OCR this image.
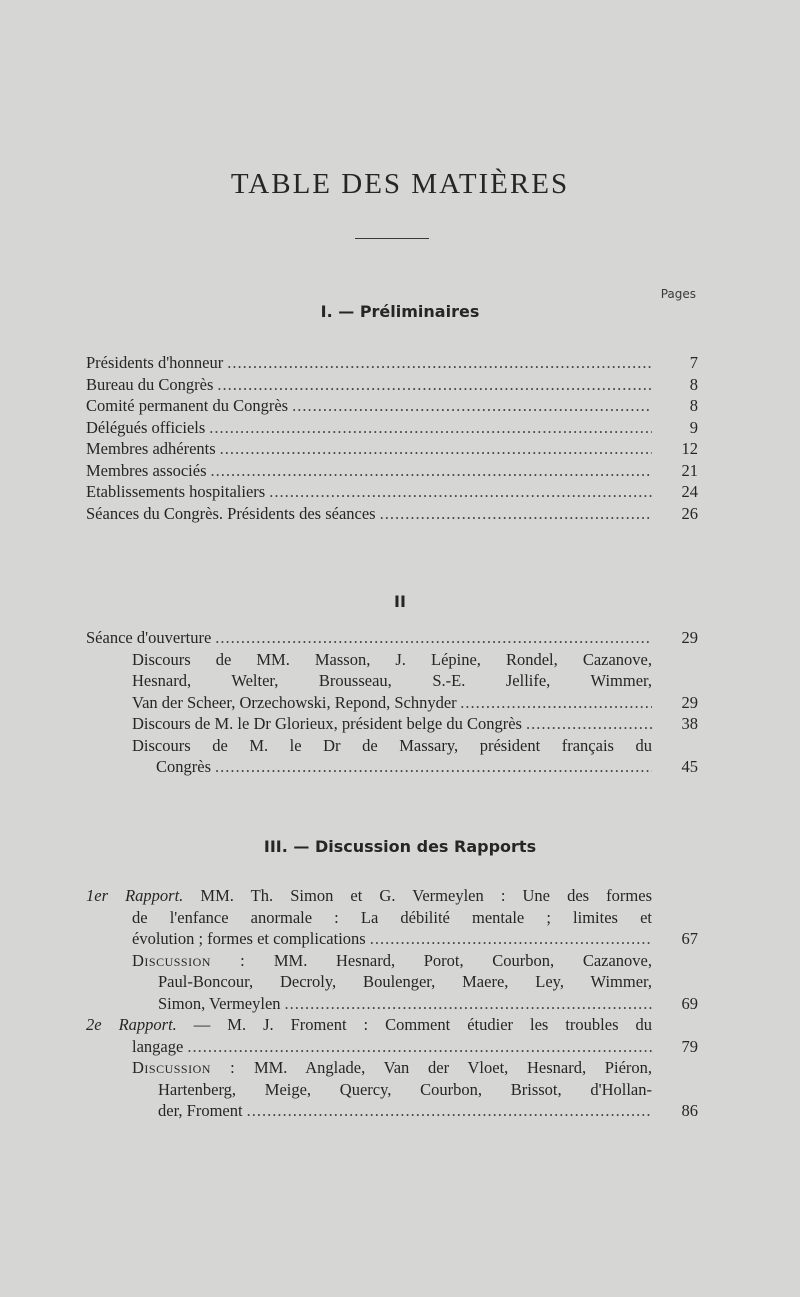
TABLE DES MATIÈRES
Pages
I. — Préliminaires
Présidents d'honneur .....	7
Bureau du Congrès .....	8
Comité permanent du Congrès .....	8
Délégués officiels .....	9
Membres adhérents .....	12
Membres associés .....	21
Etablissements hospitaliers .....	24
Séances du Congrès. Présidents des séances .....	26
II
Séance d'ouverture .....	29
Discours de MM. Masson, J. Lépine, Rondel, Cazanove,
Hesnard, Welter, Brousseau, S.-E. Jellife, Wimmer,
Van der Scheer, Orzechowski, Repond, Schnyder .....	29
Discours de M. le Dr Glorieux, président belge du Congrès .....	38
Discours de M. le Dr de Massary, président français du
Congrès .....	45
III. — Discussion des Rapports
1er Rapport. MM. Th. Simon et G. Vermeylen : Une des formes
de l'enfance anormale : La débilité mentale ; limites et
évolution ; formes et complications .....	67
Discussion : MM. Hesnard, Porot, Courbon, Cazanove,
Paul-Boncour, Decroly, Boulenger, Maere, Ley, Wimmer,
Simon, Vermeylen .....	69
2e Rapport. — M. J. Froment : Comment étudier les troubles du
langage .....	79
Discussion : MM. Anglade, Van der Vloet, Hesnard, Piéron,
Hartenberg, Meige, Quercy, Courbon, Brissot, d'Hollan-
der, Froment .....	86
